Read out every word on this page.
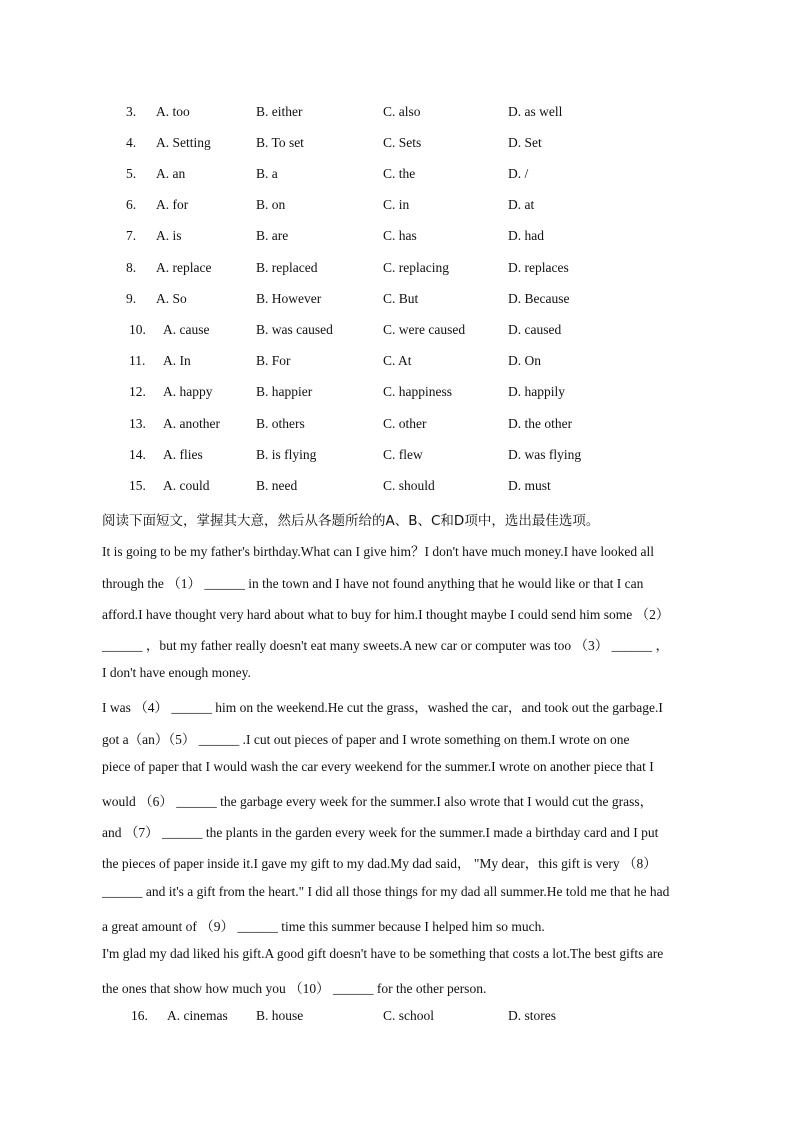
3. A. too	B. either	C. also	D. as well
4. A. Setting	B. To set	C. Sets	D. Set
5. A. an	B. a	C. the	D. /
6. A. for	B. on	C. in	D. at
7. A. is	B. are	C. has	D. had
8. A. replace	B. replaced	C. replacing	D. replaces
9. A. So	B. However	C. But	D. Because
10. A. cause	B. was caused	C. were caused	D. caused
11. A. In	B. For	C. At	D. On
12. A. happy	B. happier	C. happiness	D. happily
13. A. another	B. others	C. other	D. the other
14. A. flies	B. is flying	C. flew	D. was flying
15. A. could	B. need	C. should	D. must
阅读下面短文，掌握其大意，然后从各题所给的A、B、C和D项中，选出最佳选项。
It is going to be my father's birthday.What can I give him？I don't have much money.I have looked all
through the （1） ______ in the town and I have not found anything that he would like or that I can
afford.I have thought very hard about what to buy for him.I thought maybe I could send him some （2）
______ ，but my father really doesn't eat many sweets.A new car or computer was too （3） ______ ，
I don't have enough money.
I was （4） ______ him on the weekend.He cut the grass，washed the car，and took out the garbage.I
got a（an）（5） ______ .I cut out pieces of paper and I wrote something on them.I wrote on one
piece of paper that I would wash the car every weekend for the summer.I wrote on another piece that I
would （6） ______ the garbage every week for the summer.I also wrote that I would cut the grass，
and （7） ______ the plants in the garden every week for the summer.I made a birthday card and I put
the pieces of paper inside it.I gave my gift to my dad.My dad said， "My dear，this gift is very （8）
______ and it's a gift from the heart." I did all those things for my dad all summer.He told me that he had
a great amount of （9） ______ time this summer because I helped him so much.
I'm glad my dad liked his gift.A good gift doesn't have to be something that costs a lot.The best gifts are
the ones that show how much you （10） ______ for the other person.
16. A. cinemas B. house	C. school	D. stores
